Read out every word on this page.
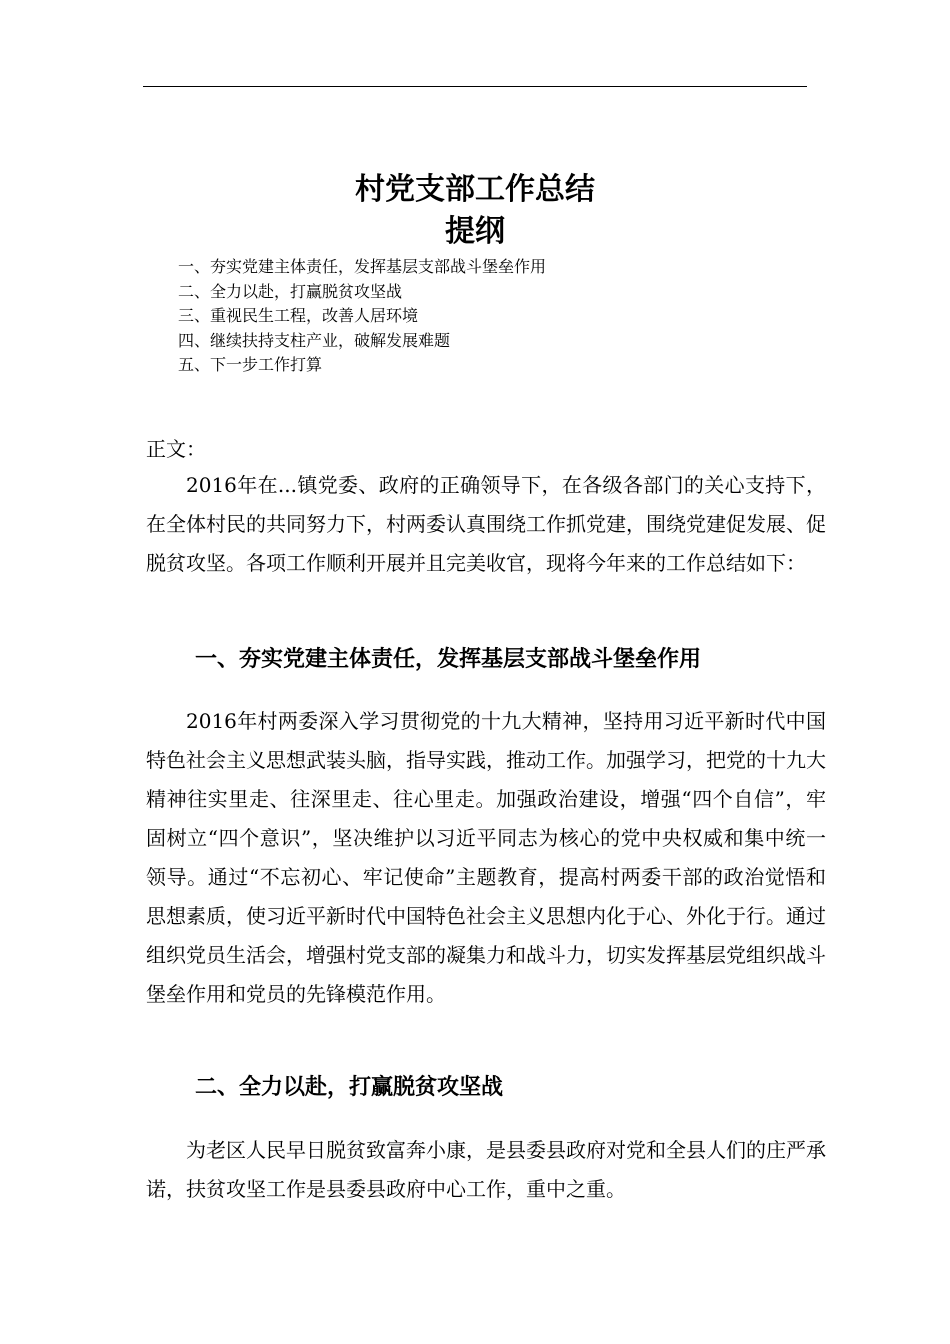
村党支部工作总结
提纲
一、夯实党建主体责任，发挥基层支部战斗堡垒作用
二、全力以赴，打赢脱贫攻坚战
三、重视民生工程，改善人居环境
四、继续扶持支柱产业，破解发展难题
五、下一步工作打算

正文：

2016年在...镇党委、政府的正确领导下，在各级各部门的关心支持下，在全体村民的共同努力下，村两委认真围绕工作抓党建，围绕党建促发展、促脱贫攻坚。各项工作顺利开展并且完美收官，现将今年来的工作总结如下：

一、夯实党建主体责任，发挥基层支部战斗堡垒作用

2016年村两委深入学习贯彻党的十九大精神，坚持用习近平新时代中国特色社会主义思想武装头脑，指导实践，推动工作。加强学习，把党的十九大精神往实里走、往深里走、往心里走。加强政治建设，增强“四个自信”，牢固树立“四个意识”，坚决维护以习近平同志为核心的党中央权威和集中统一领导。通过“不忘初心、牢记使命”主题教育，提高村两委干部的政治觉悟和思想素质，使习近平新时代中国特色社会主义思想内化于心、外化于行。通过组织党员生活会，增强村党支部的凝集力和战斗力，切实发挥基层党组织战斗堡垒作用和党员的先锋模范作用。

二、全力以赴，打赢脱贫攻坚战

为老区人民早日脱贫致富奔小康，是县委县政府对党和全县人们的庄严承诺，扶贫攻坚工作是县委县政府中心工作，重中之重。
